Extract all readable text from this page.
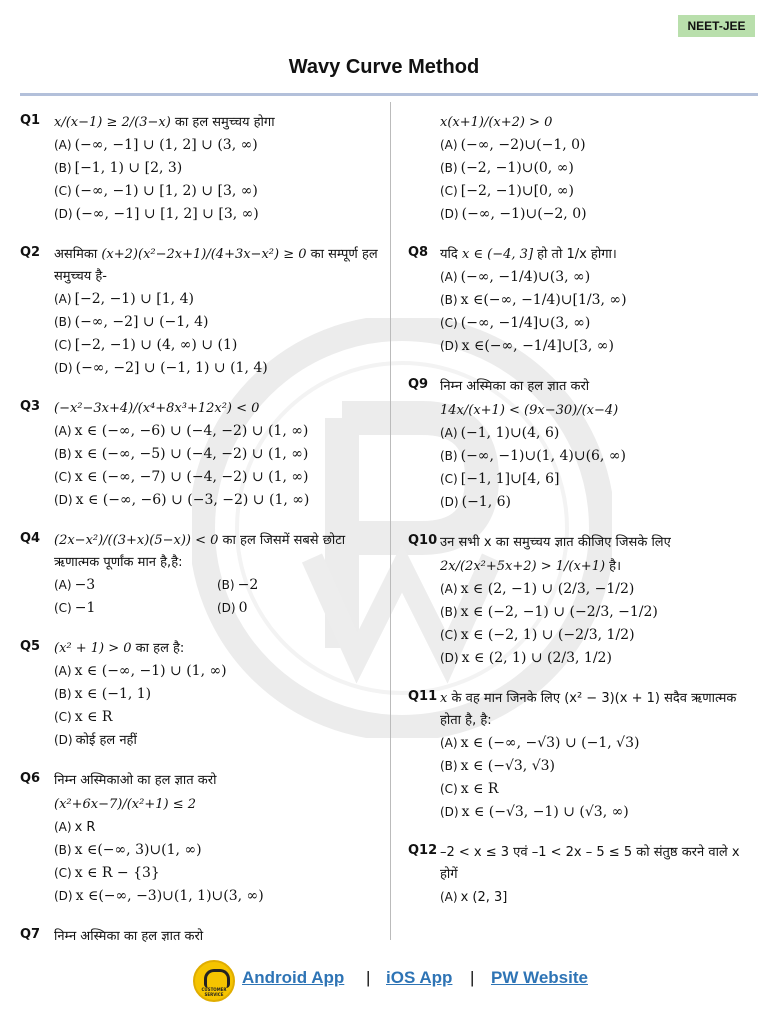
NEET-JEE
Wavy Curve Method
Q1 x/(x−1) ≥ 2/(3−x) का हल समुच्चय होगा
(A) (−∞, −1] ∪ (1, 2] ∪ (3, ∞)
(B) [−1, 1) ∪ [2, 3)
(C) (−∞, −1) ∪ [1, 2) ∪ [3, ∞)
(D) (−∞, −1] ∪ [1, 2] ∪ [3, ∞)
Q2 असमिका (x+2)(x²−2x+1)/(4+3x−x²) ≥ 0 का सम्पूर्ण हल समुच्चय है-
(A) [−2, −1) ∪ [1, 4)
(B) (−∞, −2] ∪ (−1, 4)
(C) [−2, −1) ∪ (4, ∞) ∪ (1)
(D) (−∞, −2] ∪ (−1, 1) ∪ (1, 4)
Q3 (−x²−3x+4)/(x⁴+8x³+12x²) < 0
(A) x ∈ (−∞, −6) ∪ (−4, −2) ∪ (1, ∞)
(B) x ∈ (−∞, −5) ∪ (−4, −2) ∪ (1, ∞)
(C) x ∈ (−∞, −7) ∪ (−4, −2) ∪ (1, ∞)
(D) x ∈ (−∞, −6) ∪ (−3, −2) ∪ (1, ∞)
Q4 (2x−x²)/((3+x)(5−x)) < 0 का हल जिसमें सबसे छोटा ऋणात्मक पूर्णांक मान है,है:
(A) −3	(B) −2
(C) −1	(D) 0
Q5 (x² + 1) > 0 का हल है:
(A) x ∈ (−∞, −1) ∪ (1, ∞)
(B) x ∈ (−1, 1)
(C) x ∈ R
(D) कोई हल नहीं
Q6 निम्न अस्मिकाओ का हल ज्ञात करो
(x²+6x−7)/(x²+1) ≤ 2
(A) x R
(B) x ∈(−∞, 3)∪(1, ∞)
(C) x ∈ R − {3}
(D) x ∈(−∞, −3)∪(1, 1)∪(3, ∞)
Q7 निम्न अस्मिका का हल ज्ञात करो
x(x+1)/(x+2) > 0
(A) (−∞, −2)∪(−1, 0)
(B) (−2, −1)∪(0, ∞)
(C) [−2, −1)∪[0, ∞)
(D) (−∞, −1)∪(−2, 0)
Q8 यदि x ∈ (−4, 3] हो तो 1/x होगा।
(A) (−∞, −1/4)∪(3, ∞)
(B) x ∈(−∞, −1/4)∪[1/3, ∞)
(C) (−∞, −1/4]∪(3, ∞)
(D) x ∈(−∞, −1/4]∪[3, ∞)
Q9 निम्न अस्मिका का हल ज्ञात करो
14x/(x+1) < (9x−30)/(x−4)
(A) (−1, 1)∪(4, 6)
(B) (−∞, −1)∪(1, 4)∪(6, ∞)
(C) [−1, 1]∪[4, 6]
(D) (−1, 6)
Q10 उन सभी x का समुच्चय ज्ञात कीजिए जिसके लिए
2x/(2x²+5x+2) > 1/(x+1) है।
(A) x ∈ (2, −1) ∪ (2/3, −1/2)
(B) x ∈ (−2, −1) ∪ (−2/3, −1/2)
(C) x ∈ (−2, 1) ∪ (−2/3, 1/2)
(D) x ∈ (2, 1) ∪ (2/3, 1/2)
Q11 x के वह मान जिनके लिए (x² − 3)(x + 1) सदैव ऋणात्मक होता है, है:
(A) x ∈ (−∞, −√3) ∪ (−1, √3)
(B) x ∈ (−√3, √3)
(C) x ∈ R
(D) x ∈ (−√3, −1) ∪ (√3, ∞)
Q12 –2 < x ≤ 3 एवं –1 < 2x – 5 ≤ 5 को संतुष्ठ करने वाले x होगें
(A) x (2, 3]
CUSTOMER SERVICE
Android App | iOS App | PW Website
